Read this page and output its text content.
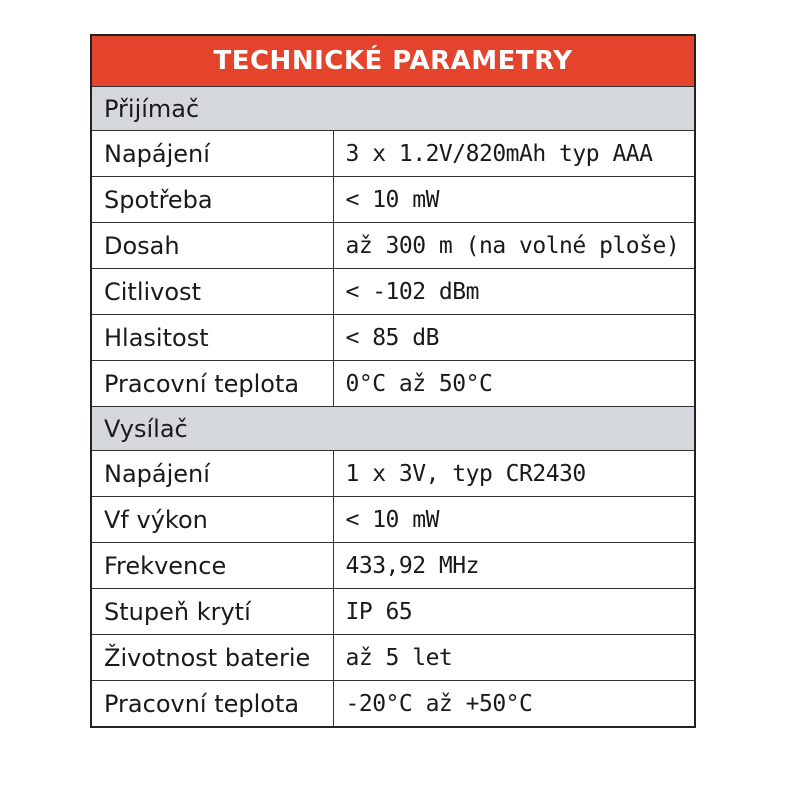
TECHNICKÉ PARAMETRY	
Přijímač	
Napájení	3 x 1.2V/820mAh typ AAA
Spotřeba	< 10 mW
Dosah	až 300 m (na volné ploše)
Citlivost	< -102 dBm
Hlasitost	< 85 dB
Pracovní teplota	0°C až 50°C
Vysílač	
Napájení	1 x 3V, typ CR2430
Vf výkon	< 10 mW
Frekvence	433,92 MHz
Stupeň krytí	IP 65
Životnost baterie	až 5 let
Pracovní teplota	-20°C až +50°C
